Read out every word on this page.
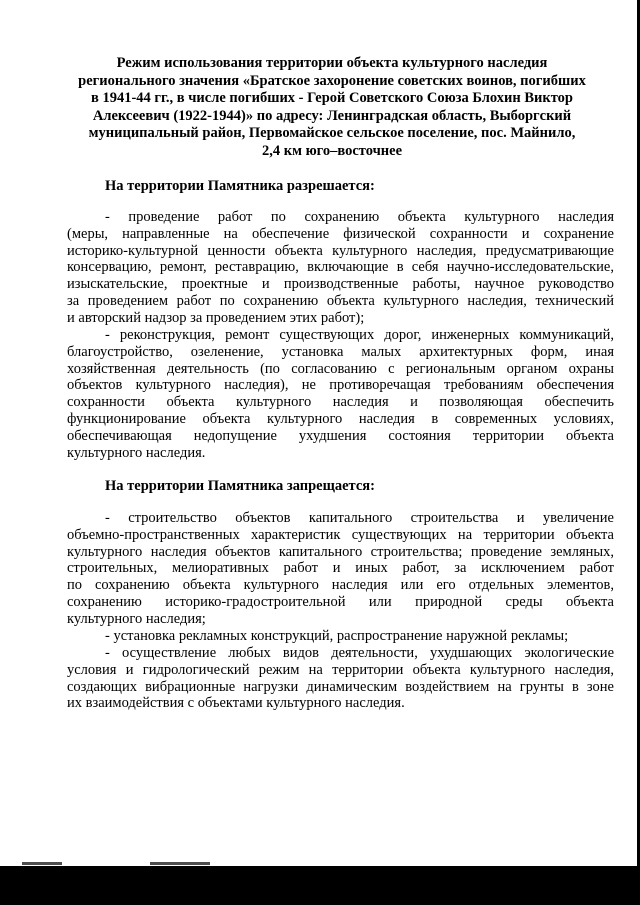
Режим использования территории объекта культурного наследия
регионального значения «Братское захоронение советских воинов, погибших
в 1941-44 гг., в числе погибших - Герой Советского Союза Блохин Виктор
Алексеевич (1922-1944)» по адресу: Ленинградская область, Выборгский
муниципальный район, Первомайское сельское поселение, пос. Майнило,
2,4 км юго–восточнее
На территории Памятника разрешается:
- проведение работ по сохранению объекта культурного наследия
(меры, направленные на обеспечение физической сохранности и сохранение
историко-культурной ценности объекта культурного наследия, предусматривающие
консервацию, ремонт, реставрацию, включающие в себя научно-исследовательские,
изыскательские, проектные и производственные работы, научное руководство
за проведением работ по сохранению объекта культурного наследия, технический
и авторский надзор за проведением этих работ);
- реконструкция, ремонт существующих дорог, инженерных коммуникаций,
благоустройство, озеленение, установка малых архитектурных форм, иная
хозяйственная деятельность (по согласованию с региональным органом охраны
объектов культурного наследия), не противоречащая требованиям обеспечения
сохранности объекта культурного наследия и позволяющая обеспечить
функционирование объекта культурного наследия в современных условиях,
обеспечивающая недопущение ухудшения состояния территории объекта
культурного наследия.
На территории Памятника запрещается:
- строительство объектов капитального строительства и увеличение
объемно-пространственных характеристик существующих на территории объекта
культурного наследия объектов капитального строительства; проведение земляных,
строительных, мелиоративных работ и иных работ, за исключением работ
по сохранению объекта культурного наследия или его отдельных элементов,
сохранению историко-градостроительной или природной среды объекта
культурного наследия;
- установка рекламных конструкций, распространение наружной рекламы;
- осуществление любых видов деятельности, ухудшающих экологические
условия и гидрологический режим на территории объекта культурного наследия,
создающих вибрационные нагрузки динамическим воздействием на грунты в зоне
их взаимодействия с объектами культурного наследия.
